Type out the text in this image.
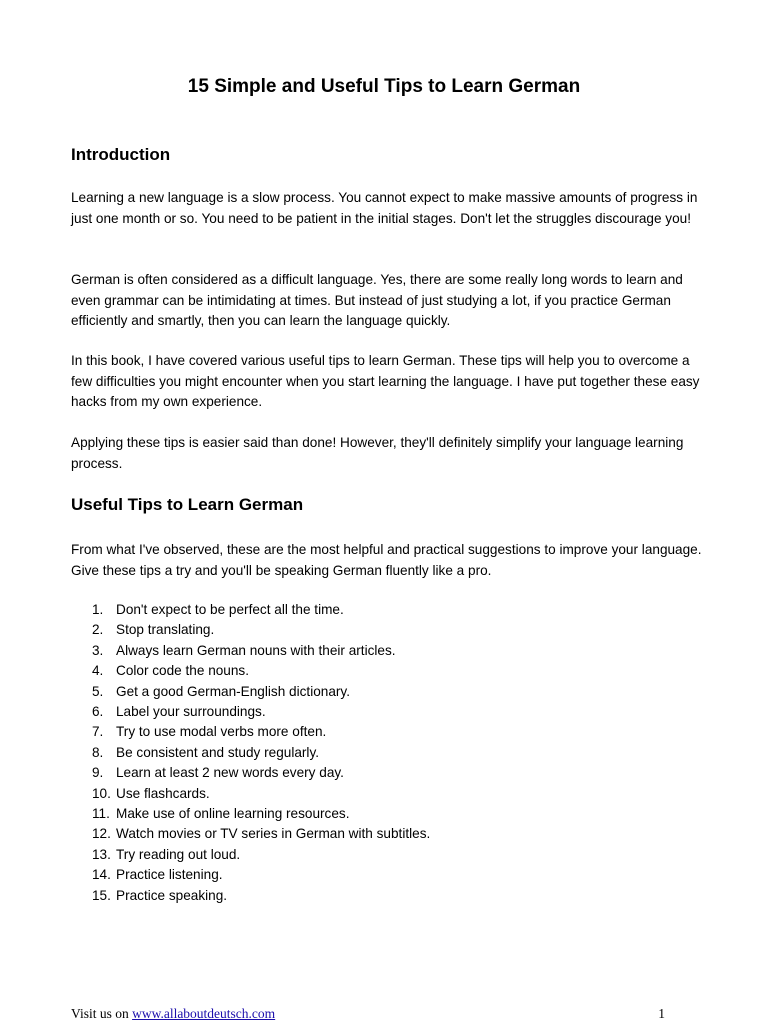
15 Simple and Useful Tips to Learn German
Introduction

Learning a new language is a slow process. You cannot expect to make massive amounts of progress in just one month or so. You need to be patient in the initial stages. Don't let the struggles discourage you!

German is often considered as a difficult language. Yes, there are some really long words to learn and even grammar can be intimidating at times. But instead of just studying a lot, if you practice German efficiently and smartly, then you can learn the language quickly.

In this book, I have covered various useful tips to learn German. These tips will help you to overcome a few difficulties you might encounter when you start learning the language. I have put together these easy hacks from my own experience.

Applying these tips is easier said than done! However, they'll definitely simplify your language learning process.

Useful Tips to Learn German

From what I've observed, these are the most helpful and practical suggestions to improve your language. Give these tips a try and you'll be speaking German fluently like a pro.

1. Don't expect to be perfect all the time.
2. Stop translating.
3. Always learn German nouns with their articles.
4. Color code the nouns.
5. Get a good German-English dictionary.
6. Label your surroundings.
7. Try to use modal verbs more often.
8. Be consistent and study regularly.
9. Learn at least 2 new words every day.
10. Use flashcards.
11. Make use of online learning resources.
12. Watch movies or TV series in German with subtitles.
13. Try reading out loud.
14. Practice listening.
15. Practice speaking.
Visit us on www.allaboutdeutsch.com	1
